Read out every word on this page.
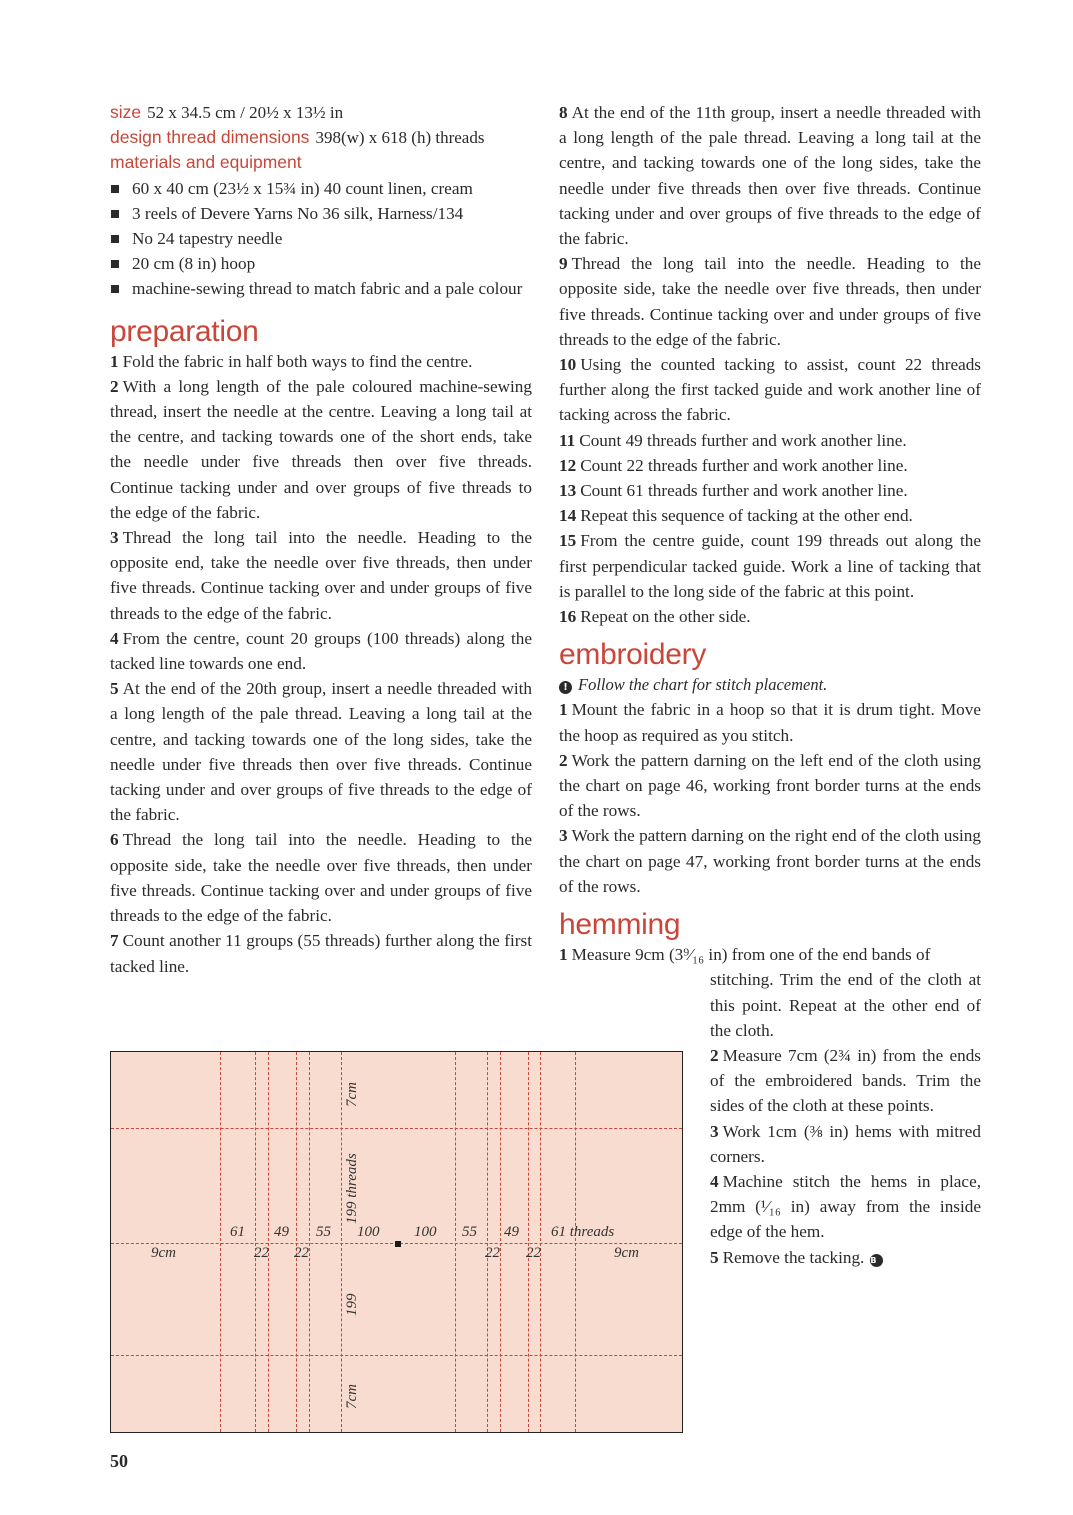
size 52 x 34.5 cm / 20½ x 13½ in
design thread dimensions 398(w) x 618 (h) threads
materials and equipment
60 x 40 cm (23½ x 15¾ in) 40 count linen, cream
3 reels of Devere Yarns No 36 silk, Harness/134
No 24 tapestry needle
20 cm (8 in) hoop
machine-sewing thread to match fabric and a pale colour
preparation

1 Fold the fabric in half both ways to find the centre.

2 With a long length of the pale coloured machine-sewing thread, insert the needle at the centre. Leaving a long tail at the centre, and tacking towards one of the short ends, take the needle under five threads then over five threads. Continue tacking under and over groups of five threads to the edge of the fabric.

3 Thread the long tail into the needle. Heading to the opposite end, take the needle over five threads, then under five threads. Continue tacking over and under groups of five threads to the edge of the fabric.

4 From the centre, count 20 groups (100 threads) along the tacked line towards one end.

5 At the end of the 20th group, insert a needle threaded with a long length of the pale thread. Leaving a long tail at the centre, and tacking towards one of the long sides, take the needle under five threads then over five threads. Continue tacking under and over groups of five threads to the edge of the fabric.

6 Thread the long tail into the needle. Heading to the opposite side, take the needle over five threads, then under five threads. Continue tacking over and under groups of five threads to the edge of the fabric.

7 Count another 11 groups (55 threads) further along the first tacked line.

8 At the end of the 11th group, insert a needle threaded with a long length of the pale thread. Leaving a long tail at the centre, and tacking towards one of the long sides, take the needle under five threads then over five threads. Continue tacking under and over groups of five threads to the edge of the fabric.

9 Thread the long tail into the needle. Heading to the opposite side, take the needle over five threads, then under five threads. Continue tacking over and under groups of five threads to the edge of the fabric.

10 Using the counted tacking to assist, count 22 threads further along the first tacked guide and work another line of tacking across the fabric.

11 Count 49 threads further and work another line.

12 Count 22 threads further and work another line.

13 Count 61 threads further and work another line.

14 Repeat this sequence of tacking at the other end.

15 From the centre guide, count 199 threads out along the first perpendicular tacked guide. Work a line of tacking that is parallel to the long side of the fabric at this point.

16 Repeat on the other side.

embroidery

! Follow the chart for stitch placement.

1 Mount the fabric in a hoop so that it is drum tight. Move the hoop as required as you stitch.

2 Work the pattern darning on the left end of the cloth using the chart on page 46, working front border turns at the ends of the rows.

3 Work the pattern darning on the right end of the cloth using the chart on page 47, working front border turns at the ends of the rows.

hemming

1 Measure 9cm (3⁹⁄₁₆ in) from one of the end bands of

stitching. Trim the end of the cloth at this point. Repeat at the other end of the cloth.

2 Measure 7cm (2¾ in) from the ends of the embroidered bands. Trim the sides of the cloth at these points.

3 Work 1cm (⅜ in) hems with mitred corners.

4 Machine stitch the hems in place, 2mm (¹⁄₁₆ in) away from the inside edge of the hem.

5 Remove the tacking. B

61 49 55 100 100 55 49 61 threads
9cm	22 22	22 22	9cm
7cm
199 threads
199
7cm
50
